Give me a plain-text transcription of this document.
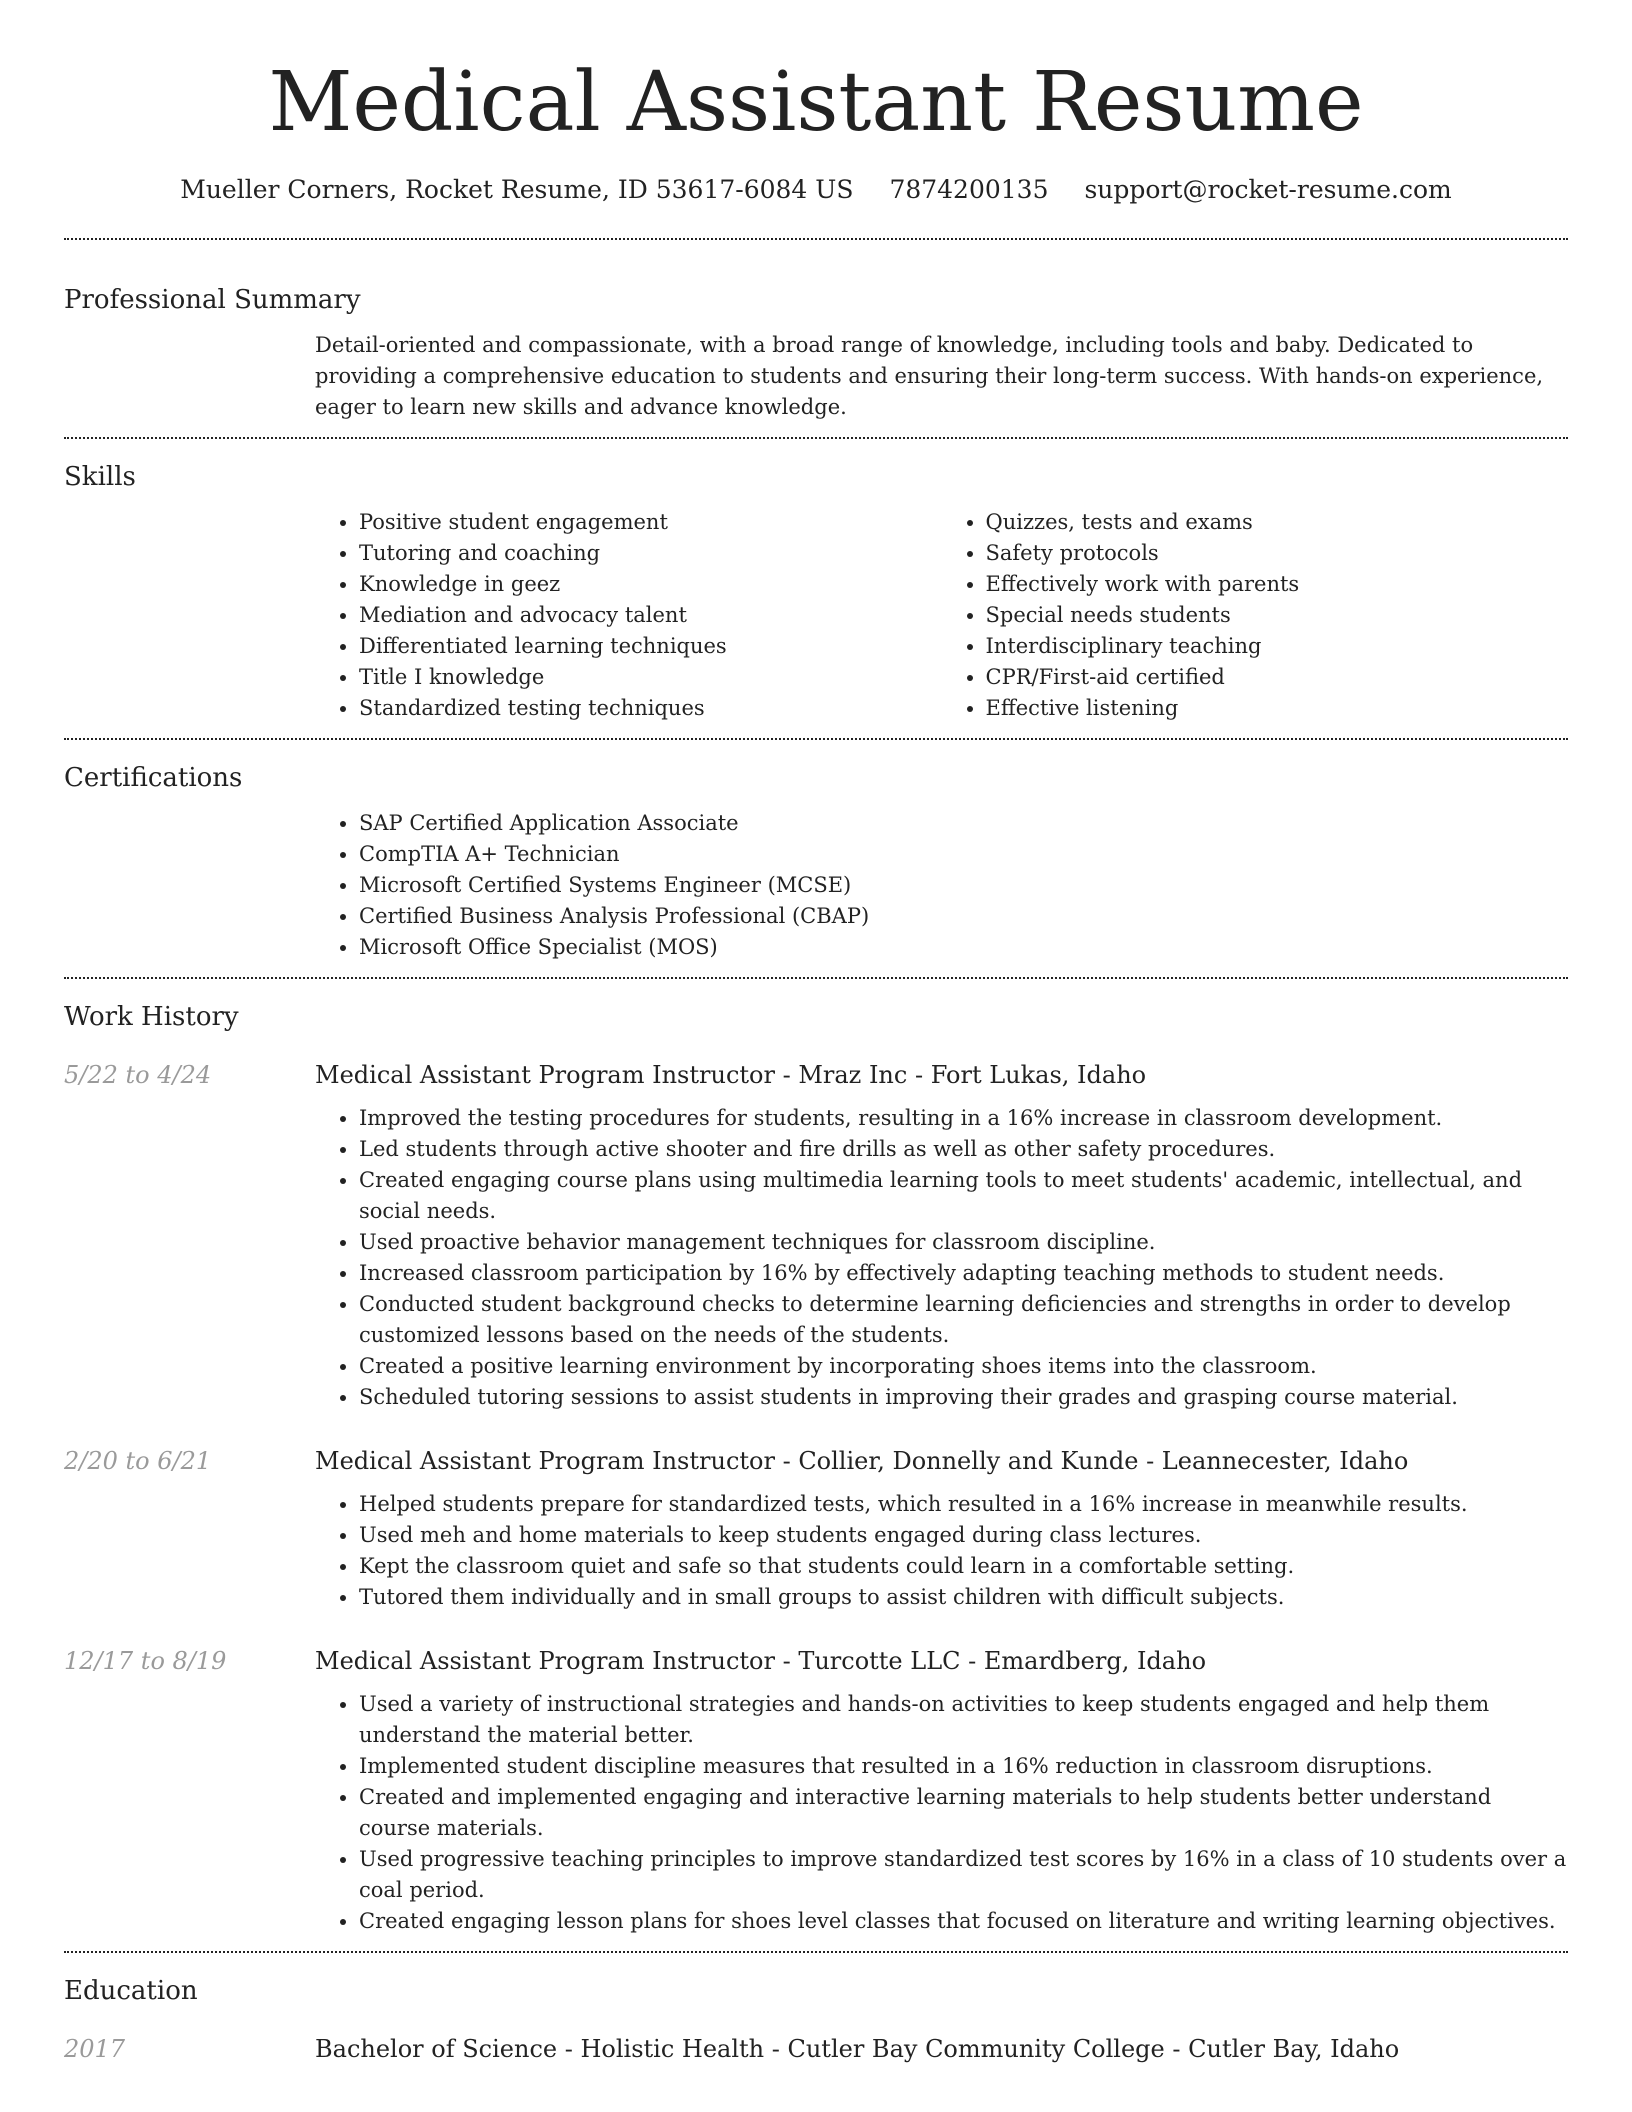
Medical Assistant Resume
Mueller Corners, Rocket Resume, ID 53617-6084 US 7874200135 support@rocket-resume.com
Professional Summary

Detail-oriented and compassionate, with a broad range of knowledge, including tools and baby. Dedicated to providing a comprehensive education to students and ensuring their long-term success. With hands-on experience, eager to learn new skills and advance knowledge.

Skills
• Positive student engagement
• Tutoring and coaching
• Knowledge in geez
• Mediation and advocacy talent
• Differentiated learning techniques
• Title I knowledge
• Standardized testing techniques
• Quizzes, tests and exams
• Safety protocols
• Effectively work with parents
• Special needs students
• Interdisciplinary teaching
• CPR/First-aid certified
• Effective listening
Certifications
• SAP Certified Application Associate
• CompTIA A+ Technician
• Microsoft Certified Systems Engineer (MCSE)
• Certified Business Analysis Professional (CBAP)
• Microsoft Office Specialist (MOS)
Work History
5/22 to 4/24	Medical Assistant Program Instructor - Mraz Inc - Fort Lukas, Idaho
• Improved the testing procedures for students, resulting in a 16% increase in classroom development.
• Led students through active shooter and fire drills as well as other safety procedures.
• Created engaging course plans using multimedia learning tools to meet students' academic, intellectual, and social needs.
• Used proactive behavior management techniques for classroom discipline.
• Increased classroom participation by 16% by effectively adapting teaching methods to student needs.
• Conducted student background checks to determine learning deficiencies and strengths in order to develop customized lessons based on the needs of the students.
• Created a positive learning environment by incorporating shoes items into the classroom.
• Scheduled tutoring sessions to assist students in improving their grades and grasping course material.
2/20 to 6/21	Medical Assistant Program Instructor - Collier, Donnelly and Kunde - Leannecester, Idaho
• Helped students prepare for standardized tests, which resulted in a 16% increase in meanwhile results.
• Used meh and home materials to keep students engaged during class lectures.
• Kept the classroom quiet and safe so that students could learn in a comfortable setting.
• Tutored them individually and in small groups to assist children with difficult subjects.
12/17 to 8/19	Medical Assistant Program Instructor - Turcotte LLC - Emardberg, Idaho
• Used a variety of instructional strategies and hands-on activities to keep students engaged and help them understand the material better.
• Implemented student discipline measures that resulted in a 16% reduction in classroom disruptions.
• Created and implemented engaging and interactive learning materials to help students better understand course materials.
• Used progressive teaching principles to improve standardized test scores by 16% in a class of 10 students over a coal period.
• Created engaging lesson plans for shoes level classes that focused on literature and writing learning objectives.
Education
2017	Bachelor of Science - Holistic Health - Cutler Bay Community College - Cutler Bay, Idaho
